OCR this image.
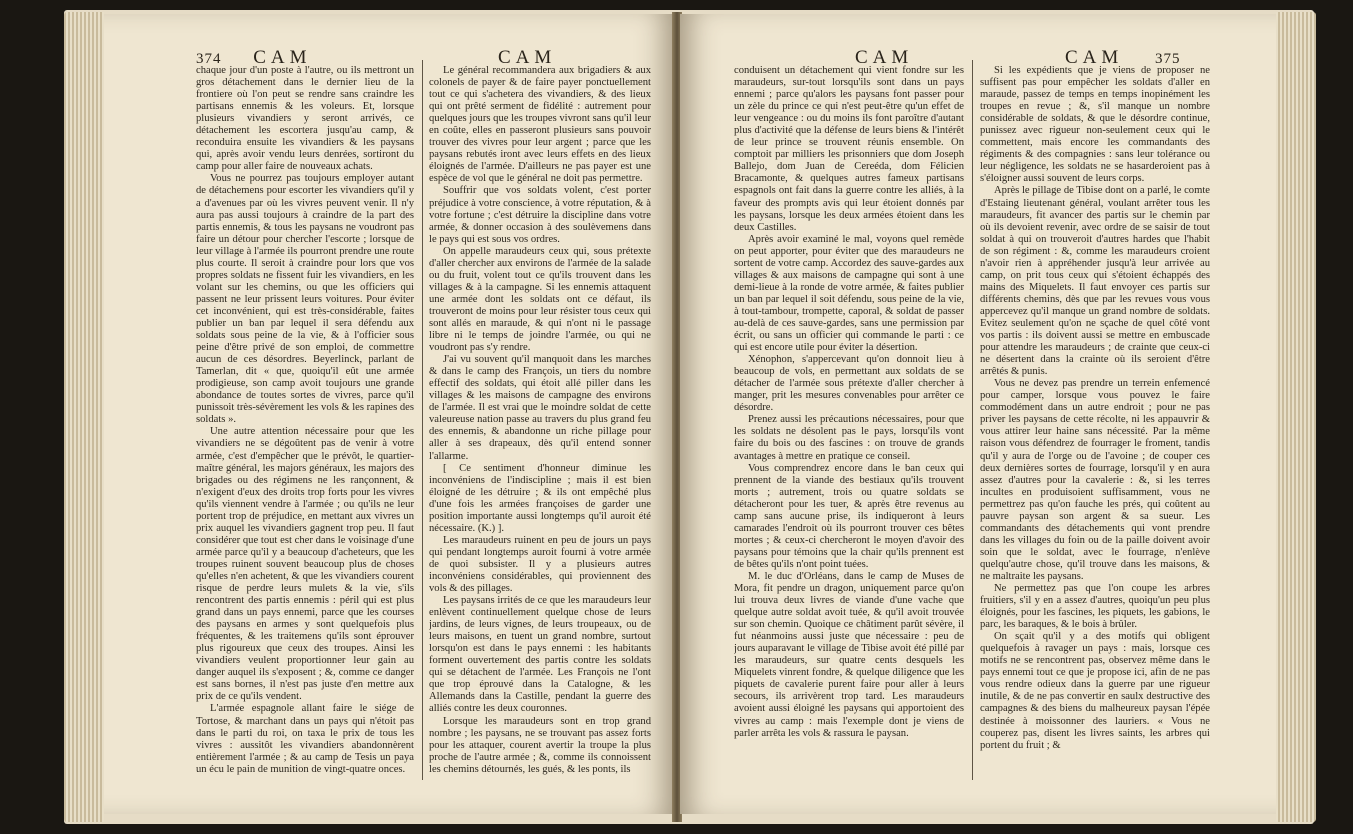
374 CAM	CAM

chaque jour d'un poste à l'autre, ou ils mettront un gros détachement dans le dernier lieu de la frontiere où l'on peut se rendre sans craindre les partisans ennemis & les voleurs. Et, lorsque plusieurs vivandiers y seront arrivés, ce détachement les escortera jusqu'au camp, & reconduira ensuite les vivandiers & les paysans qui, après avoir vendu leurs denrées, sortiront du camp pour aller faire de nouveaux achats.

Vous ne pourrez pas toujours employer autant de détachemens pour escorter les vivandiers qu'il y a d'avenues par où les vivres peuvent venir. Il n'y aura pas aussi toujours à craindre de la part des partis ennemis, & tous les paysans ne voudront pas faire un détour pour chercher l'escorte ; lorsque de leur village à l'armée ils pourront prendre une route plus courte. Il seroit à craindre pour lors que vos propres soldats ne fissent fuir les vivandiers, en les volant sur les chemins, ou que les officiers qui passent ne leur prissent leurs voitures. Pour éviter cet inconvénient, qui est très-considérable, faites publier un ban par lequel il sera défendu aux soldats sous peine de la vie, & à l'officier sous peine d'être privé de son emploi, de commettre aucun de ces désordres. Beyerlinck, parlant de Tamerlan, dit « que, quoiqu'il eût une armée prodigieuse, son camp avoit toujours une grande abondance de toutes sortes de vivres, parce qu'il punissoit très-sévèrement les vols & les rapines des soldats ».

Une autre attention nécessaire pour que les vivandiers ne se dégoûtent pas de venir à votre armée, c'est d'empêcher que le prévôt, le quartier-maître général, les majors généraux, les majors des brigades ou des régimens ne les rançonnent, & n'exigent d'eux des droits trop forts pour les vivres qu'ils viennent vendre à l'armée ; ou qu'ils ne leur portent trop de préjudice, en mettant aux vivres un prix auquel les vivandiers gagnent trop peu. Il faut considérer que tout est cher dans le voisinage d'une armée parce qu'il y a beaucoup d'acheteurs, que les troupes ruinent souvent beaucoup plus de choses qu'elles n'en achetent, & que les vivandiers courent risque de perdre leurs mulets & la vie, s'ils rencontrent des partis ennemis : péril qui est plus grand dans un pays ennemi, parce que les courses des paysans en armes y sont quelquefois plus fréquentes, & les traitemens qu'ils sont éprouver plus rigoureux que ceux des troupes. Ainsi les vivandiers veulent proportionner leur gain au danger auquel ils s'exposent ; &, comme ce danger est sans bornes, il n'est pas juste d'en mettre aux prix de ce qu'ils vendent.

L'armée espagnole allant faire le siége de Tortose, & marchant dans un pays qui n'étoit pas dans le parti du roi, on taxa le prix de tous les vivres : aussitôt les vivandiers abandonnèrent entièrement l'armée ; & au camp de Tesis un paya un écu le pain de munition de vingt-quatre onces.

Le général recommandera aux brigadiers & aux colonels de payer & de faire payer ponctuellement tout ce qui s'achetera des vivandiers, & des lieux qui ont prêté serment de fidélité : autrement pour quelques jours que les troupes vivront sans qu'il leur en coûte, elles en passeront plusieurs sans pouvoir trouver des vivres pour leur argent ; parce que les paysans rebutés iront avec leurs effets en des lieux éloignés de l'armée. D'ailleurs ne pas payer est une espèce de vol que le général ne doit pas permettre.

Souffrir que vos soldats volent, c'est porter préjudice à votre conscience, à votre réputation, & à votre fortune ; c'est détruire la discipline dans votre armée, & donner occasion à des soulèvemens dans le pays qui est sous vos ordres.

On appelle maraudeurs ceux qui, sous prétexte d'aller chercher aux environs de l'armée de la salade ou du fruit, volent tout ce qu'ils trouvent dans les villages & à la campagne. Si les ennemis attaquent une armée dont les soldats ont ce défaut, ils trouveront de moins pour leur résister tous ceux qui sont allés en maraude, & qui n'ont ni le passage libre ni le temps de joindre l'armée, ou qui ne voudront pas s'y rendre.

J'ai vu souvent qu'il manquoit dans les marches & dans le camp des François, un tiers du nombre effectif des soldats, qui étoit allé piller dans les villages & les maisons de campagne des environs de l'armée. Il est vrai que le moindre soldat de cette valeureuse nation passe au travers du plus grand feu des ennemis, & abandonne un riche pillage pour aller à ses drapeaux, dès qu'il entend sonner l'allarme.

[ Ce sentiment d'honneur diminue les inconvéniens de l'indiscipline ; mais il est bien éloigné de les détruire ; & ils ont empêché plus d'une fois les armées françoises de garder une position importante aussi longtemps qu'il auroit été nécessaire. (K.) ].

Les maraudeurs ruinent en peu de jours un pays qui pendant longtemps auroit fourni à votre armée de quoi subsister. Il y a plusieurs autres inconvéniens considérables, qui proviennent des vols & des pillages.

Les paysans irrités de ce que les maraudeurs leur enlèvent continuellement quelque chose de leurs jardins, de leurs vignes, de leurs troupeaux, ou de leurs maisons, en tuent un grand nombre, surtout lorsqu'on est dans le pays ennemi : les habitants forment ouvertement des partis contre les soldats qui se détachent de l'armée. Les François ne l'ont que trop éprouvé dans la Catalogne, & les Allemands dans la Castille, pendant la guerre des alliés contre les deux couronnes.

Lorsque les maraudeurs sont en trop grand nombre ; les paysans, ne se trouvant pas assez forts pour les attaquer, courent avertir la troupe la plus proche de l'autre armée ; &, comme ils connoissent les chemins détournés, les gués, & les ponts, ils

CAM	CAM 375

conduisent un détachement qui vient fondre sur les maraudeurs, sur-tout lorsqu'ils sont dans un pays ennemi ; parce qu'alors les paysans font passer pour un zèle du prince ce qui n'est peut-être qu'un effet de leur vengeance : ou du moins ils font paroître d'autant plus d'activité que la défense de leurs biens & l'intérêt de leur prince se trouvent réunis ensemble. On comptoit par milliers les prisonniers que dom Joseph Ballejo, dom Juan de Cereéda, dom Félicien Bracamonte, & quelques autres fameux partisans espagnols ont fait dans la guerre contre les alliés, à la faveur des prompts avis qui leur étoient donnés par les paysans, lorsque les deux armées étoient dans les deux Castilles.

Après avoir examiné le mal, voyons quel remède on peut apporter, pour éviter que des maraudeurs ne sortent de votre camp. Accordez des sauve-gardes aux villages & aux maisons de campagne qui sont à une demi-lieue à la ronde de votre armée, & faites publier un ban par lequel il soit défendu, sous peine de la vie, à tout-tambour, trompette, caporal, & soldat de passer au-delà de ces sauve-gardes, sans une permission par écrit, ou sans un officier qui commande le parti : ce qui est encore utile pour éviter la désertion.

Xénophon, s'appercevant qu'on donnoit lieu à beaucoup de vols, en permettant aux soldats de se détacher de l'armée sous prétexte d'aller chercher à manger, prit les mesures convenables pour arrêter ce désordre.

Prenez aussi les précautions nécessaires, pour que les soldats ne désolent pas le pays, lorsqu'ils vont faire du bois ou des fascines : on trouve de grands avantages à mettre en pratique ce conseil.

Vous comprendrez encore dans le ban ceux qui prennent de la viande des bestiaux qu'ils trouvent morts ; autrement, trois ou quatre soldats se détacheront pour les tuer, & après être revenus au camp sans aucune prise, ils indiqueront à leurs camarades l'endroit où ils pourront trouver ces bêtes mortes ; & ceux-ci chercheront le moyen d'avoir des paysans pour témoins que la chair qu'ils prennent est de bêtes qu'ils n'ont point tuées.

M. le duc d'Orléans, dans le camp de Muses de Mora, fit pendre un dragon, uniquement parce qu'on lui trouva deux livres de viande d'une vache que quelque autre soldat avoit tuée, & qu'il avoit trouvée sur son chemin. Quoique ce châtiment parût sévère, il fut néanmoins aussi juste que nécessaire : peu de jours auparavant le village de Tibise avoit été pillé par les maraudeurs, sur quatre cents desquels les Miquelets vinrent fondre, & quelque diligence que les piquets de cavalerie purent faire pour aller à leurs secours, ils arrivèrent trop tard. Les maraudeurs avoient aussi éloigné les paysans qui apportoient des vivres au camp : mais l'exemple dont je viens de parler arrêta les vols & rassura le paysan.

Si les expédients que je viens de proposer ne suffisent pas pour empêcher les soldats d'aller en maraude, passez de temps en temps inopinément les troupes en revue ; &, s'il manque un nombre considérable de soldats, & que le désordre continue, punissez avec rigueur non-seulement ceux qui le commettent, mais encore les commandants des régiments & des compagnies : sans leur tolérance ou leur négligence, les soldats ne se hasarderoient pas à s'éloigner aussi souvent de leurs corps.

Après le pillage de Tibise dont on a parlé, le comte d'Estaing lieutenant général, voulant arrêter tous les maraudeurs, fit avancer des partis sur le chemin par où ils devoient revenir, avec ordre de se saisir de tout soldat à qui on trouveroit d'autres hardes que l'habit de son régiment : &, comme les maraudeurs croient n'avoir rien à appréhender jusqu'à leur arrivée au camp, on prit tous ceux qui s'étoient échappés des mains des Miquelets. Il faut envoyer ces partis sur différents chemins, dès que par les revues vous vous appercevez qu'il manque un grand nombre de soldats. Evitez seulement qu'on ne sçache de quel côté vont vos partis : ils doivent aussi se mettre en embuscade pour attendre les maraudeurs ; de crainte que ceux-ci ne désertent dans la crainte où ils seroient d'être arrêtés & punis.

Vous ne devez pas prendre un terrein enfemencé pour camper, lorsque vous pouvez le faire commodément dans un autre endroit ; pour ne pas priver les paysans de cette récolte, ni les appauvrir & vous attirer leur haine sans nécessité. Par la même raison vous défendrez de fourrager le froment, tandis qu'il y aura de l'orge ou de l'avoine ; de couper ces deux dernières sortes de fourrage, lorsqu'il y en aura assez d'autres pour la cavalerie : &, si les terres incultes en produisoient suffisamment, vous ne permettrez pas qu'on fauche les prés, qui coûtent au pauvre paysan son argent & sa sueur. Les commandants des détachements qui vont prendre dans les villages du foin ou de la paille doivent avoir soin que le soldat, avec le fourrage, n'enlève quelqu'autre chose, qu'il trouve dans les maisons, & ne maltraite les paysans.

Ne permettez pas que l'on coupe les arbres fruitiers, s'il y en a assez d'autres, quoiqu'un peu plus éloignés, pour les fascines, les piquets, les gabions, le parc, les baraques, & le bois à brûler.

On sçait qu'il y a des motifs qui obligent quelquefois à ravager un pays : mais, lorsque ces motifs ne se rencontrent pas, observez même dans le pays ennemi tout ce que je propose ici, afin de ne pas vous rendre odieux dans la guerre par une rigueur inutile, & de ne pas convertir en saulx destructive des campagnes & des biens du malheureux paysan l'épée destinée à moissonner des lauriers. « Vous ne couperez pas, disent les livres saints, les arbres qui portent du fruit ; &
